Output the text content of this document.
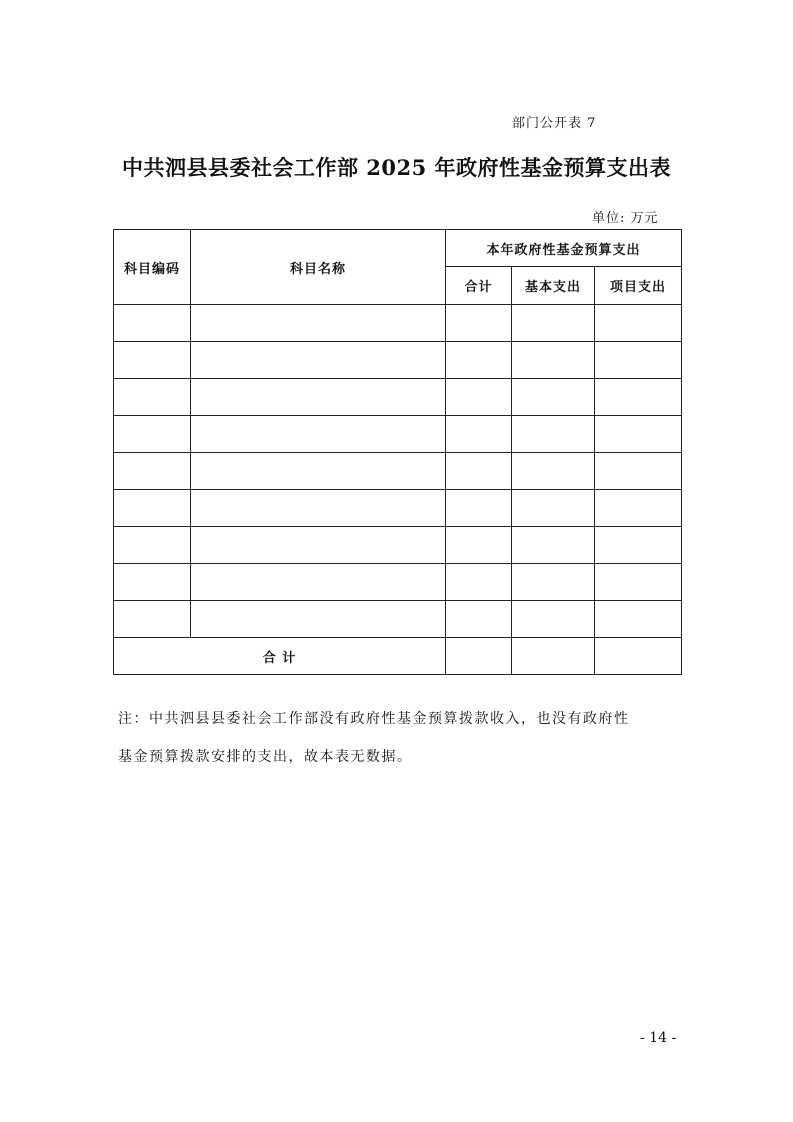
部门公开表 7
中共泗县县委社会工作部 2025 年政府性基金预算支出表
单位: 万元
科目编码	科目名称	本年政府性基金预算支出		
		合计	基本支出	项目支出

合 计				
注：中共泗县县委社会工作部没有政府性基金预算拨款收入，也没有政府性
基金预算拨款安排的支出，故本表无数据。
- 14 -
